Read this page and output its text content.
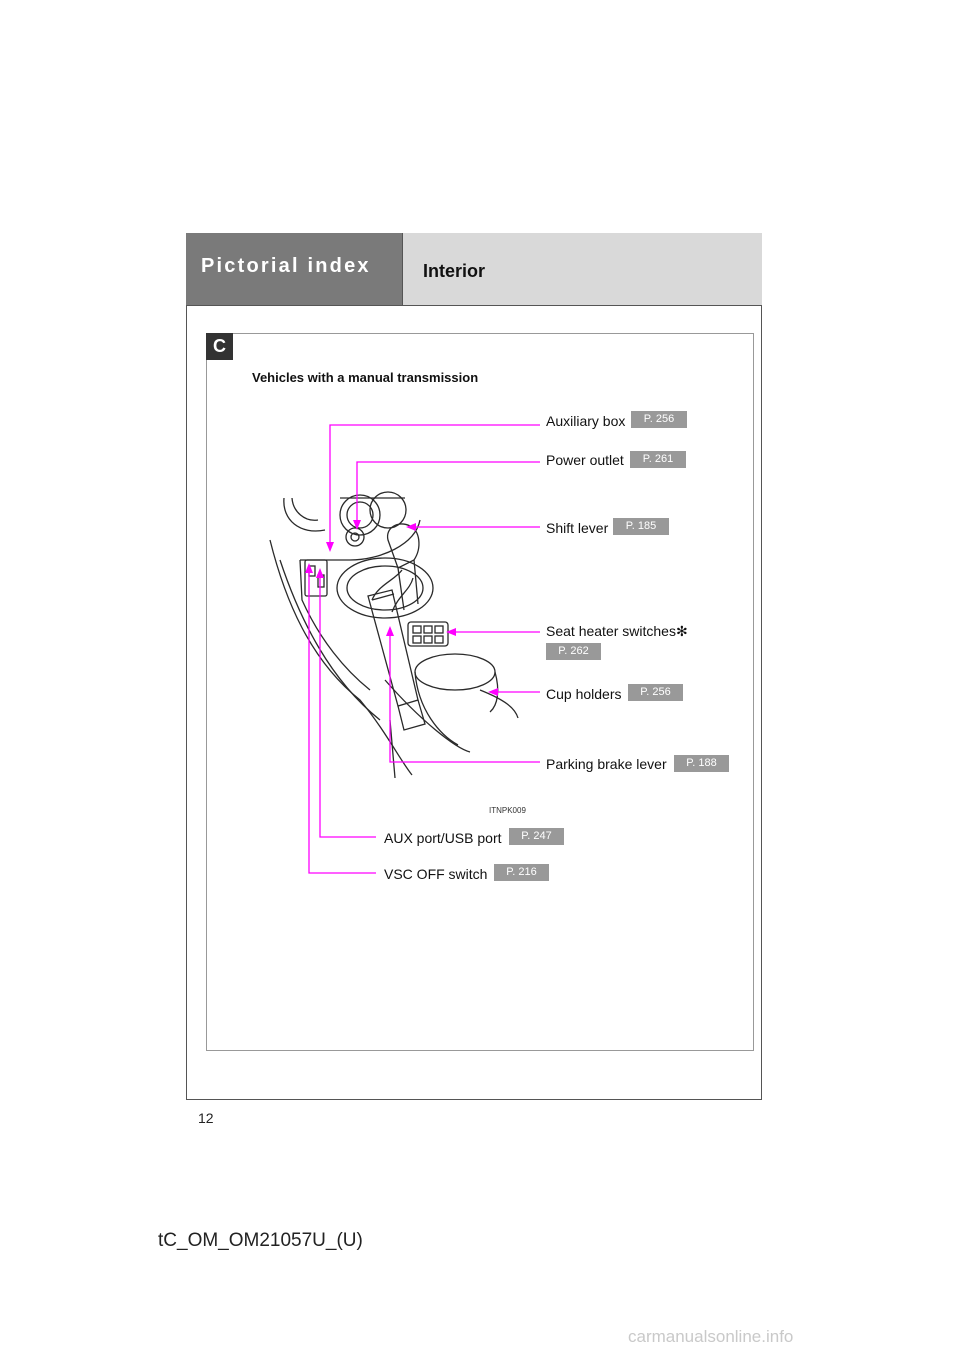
Pictorial index	Interior
C
Vehicles with a manual transmission
Auxiliary box	P. 256
Power outlet	P. 261
Shift lever	P. 185
Seat heater switches✻
P. 262
Cup holders	P. 256
Parking brake lever	P. 188
ITNPK009
AUX port/USB port	P. 247
VSC OFF switch	P. 216
12
tC_OM_OM21057U_(U)
carmanualsonline.info
